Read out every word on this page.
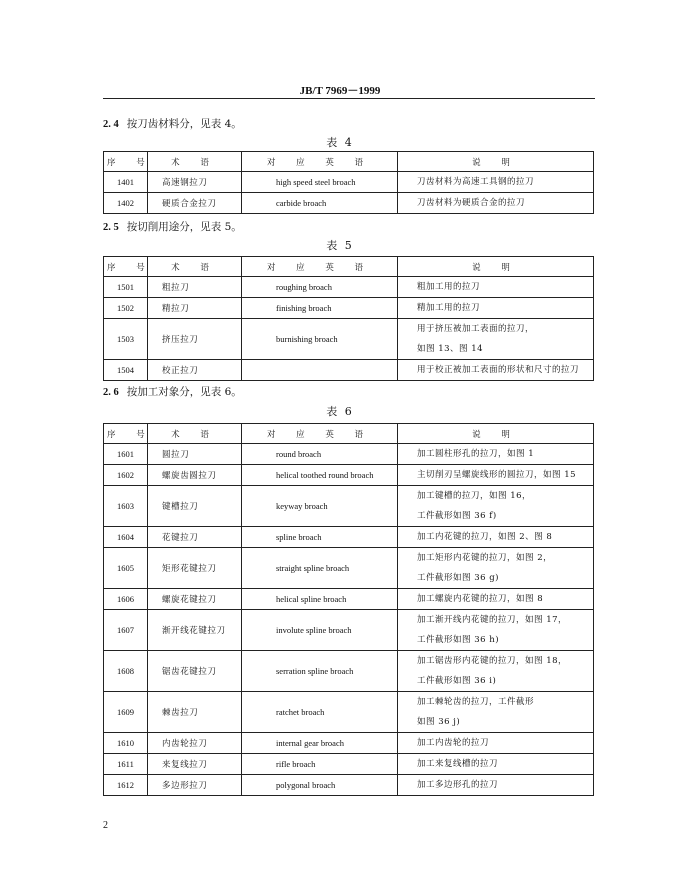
JB/T 7969－1999
2. 4 按刀齿材料分，见表 4。
表 4
序 号	术 语	对 应 英 语	说 明
1401	高速钢拉刀	high speed steel broach	刀齿材料为高速工具钢的拉刀

1402	硬质合金拉刀	carbide broach	刀齿材料为硬质合金的拉刀
2. 5 按切削用途分，见表 5。
表 5
序 号	术 语	对 应 英 语	说 明
1501	粗拉刀	roughing broach	粗加工用的拉刀

1502	精拉刀	finishing broach	精加工用的拉刀

1503	挤压拉刀	burnishing broach	用于挤压被加工表面的拉刀，
如图 13、图 14

1504	校正拉刀		用于校正被加工表面的形状和尺寸的拉刀
2. 6 按加工对象分，见表 6。
表 6
序 号	术 语	对 应 英 语	说 明
1601	圆拉刀	round broach	加工圆柱形孔的拉刀，如图 1

1602	螺旋齿圆拉刀	helical toothed round broach	主切削刃呈螺旋线形的圆拉刀，如图 15

1603	键槽拉刀	keyway broach	加工键槽的拉刀，如图 16，
工件截形如图 36 f)

1604	花键拉刀	spline broach	加工内花键的拉刀，如图 2、图 8

1605	矩形花键拉刀	straight spline broach	加工矩形内花键的拉刀，如图 2，
工件截形如图 36 g)

1606	螺旋花键拉刀	helical spline broach	加工螺旋内花键的拉刀，如图 8

1607	渐开线花键拉刀	involute spline broach	加工渐开线内花键的拉刀，如图 17，
工件截形如图 36 h)

1608	锯齿花键拉刀	serration spline broach	加工锯齿形内花键的拉刀，如图 18，
工件截形如图 36 i)

1609	棘齿拉刀	ratchet broach	加工棘轮齿的拉刀，工件截形
如图 36 j)

1610	内齿轮拉刀	internal gear broach	加工内齿轮的拉刀

1611	来复线拉刀	rifle broach	加工来复线槽的拉刀

1612	多边形拉刀	polygonal broach	加工多边形孔的拉刀
2
